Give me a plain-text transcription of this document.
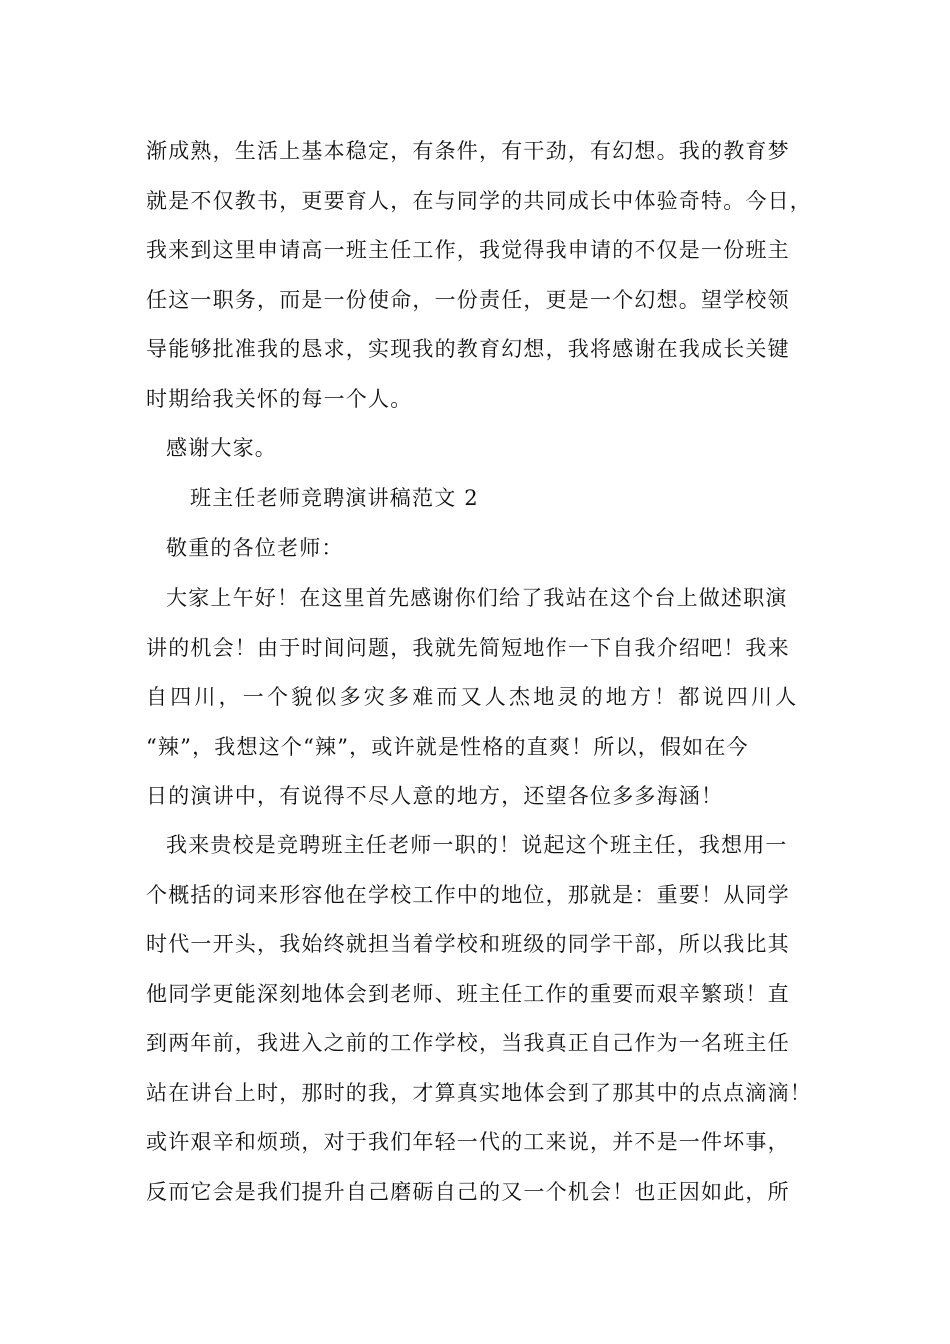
渐成熟，生活上基本稳定，有条件，有干劲，有幻想。我的教育梦
就是不仅教书，更要育人，在与同学的共同成长中体验奇特。今日，
我来到这里申请高一班主任工作，我觉得我申请的不仅是一份班主
任这一职务，而是一份使命，一份责任，更是一个幻想。望学校领
导能够批准我的恳求，实现我的教育幻想，我将感谢在我成长关键
时期给我关怀的每一个人。
感谢大家。
班主任老师竞聘演讲稿范文 2
敬重的各位老师：
大家上午好！在这里首先感谢你们给了我站在这个台上做述职演
讲的机会！由于时间问题，我就先简短地作一下自我介绍吧！我来
自四川，一个貌似多灾多难而又人杰地灵的地方！都说四川人
“辣”，我想这个“辣”，或许就是性格的直爽！所以，假如在今
日的演讲中，有说得不尽人意的地方，还望各位多多海涵！
我来贵校是竞聘班主任老师一职的！说起这个班主任，我想用一
个概括的词来形容他在学校工作中的地位，那就是：重要！从同学
时代一开头，我始终就担当着学校和班级的同学干部，所以我比其
他同学更能深刻地体会到老师、班主任工作的重要而艰辛繁琐！直
到两年前，我进入之前的工作学校，当我真正自己作为一名班主任
站在讲台上时，那时的我，才算真实地体会到了那其中的点点滴滴！
或许艰辛和烦琐，对于我们年轻一代的工来说，并不是一件坏事，
反而它会是我们提升自己磨砺自己的又一个机会！也正因如此，所
